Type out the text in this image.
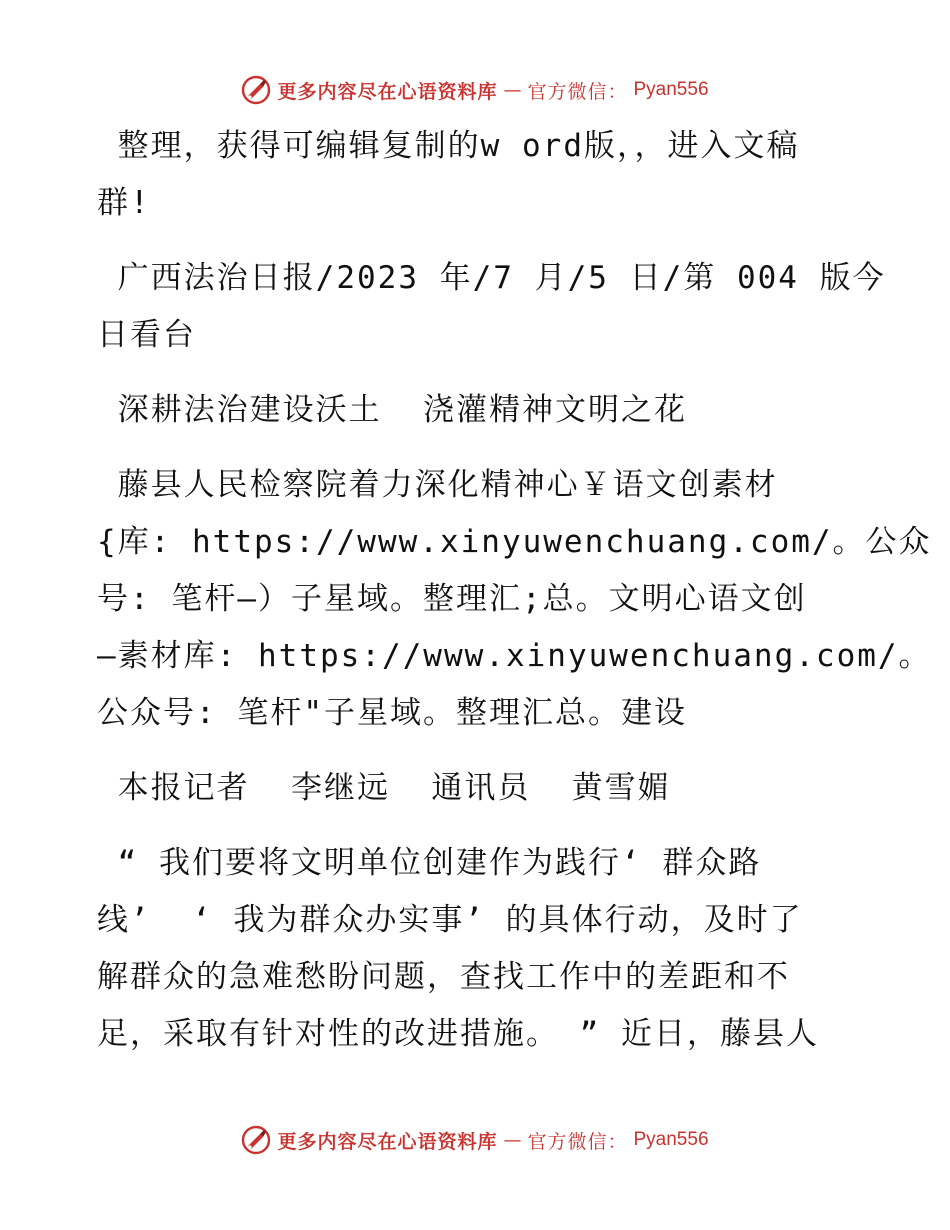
更多内容尽在心语资料库 — 官方微信： Pyan556

整理，获得可编辑复制的w ord版，，进入文稿
群!

广西法治日报/2023 年/7 月/5 日/第 004 版今
日看台

深耕法治建设沃土  浇灌精神文明之花

藤县人民检察院着力深化精神心￥语文创素材
{库: https://www.xinyuwenchuang.com/。公众
号: 笔杆—）子星域。整理汇;总。文明心语文创
—素材库: https://www.xinyuwenchuang.com/。
公众号: 笔杆"子星域。整理汇总。建设

本报记者  李继远  通讯员  黄雪媚

“ 我们要将文明单位创建作为践行‘ 群众路
线’  ‘ 我为群众办实事’ 的具体行动，及时了
解群众的急难愁盼问题，查找工作中的差距和不
足，采取有针对性的改进措施。 ” 近日，藤县人

更多内容尽在心语资料库 — 官方微信： Pyan556
